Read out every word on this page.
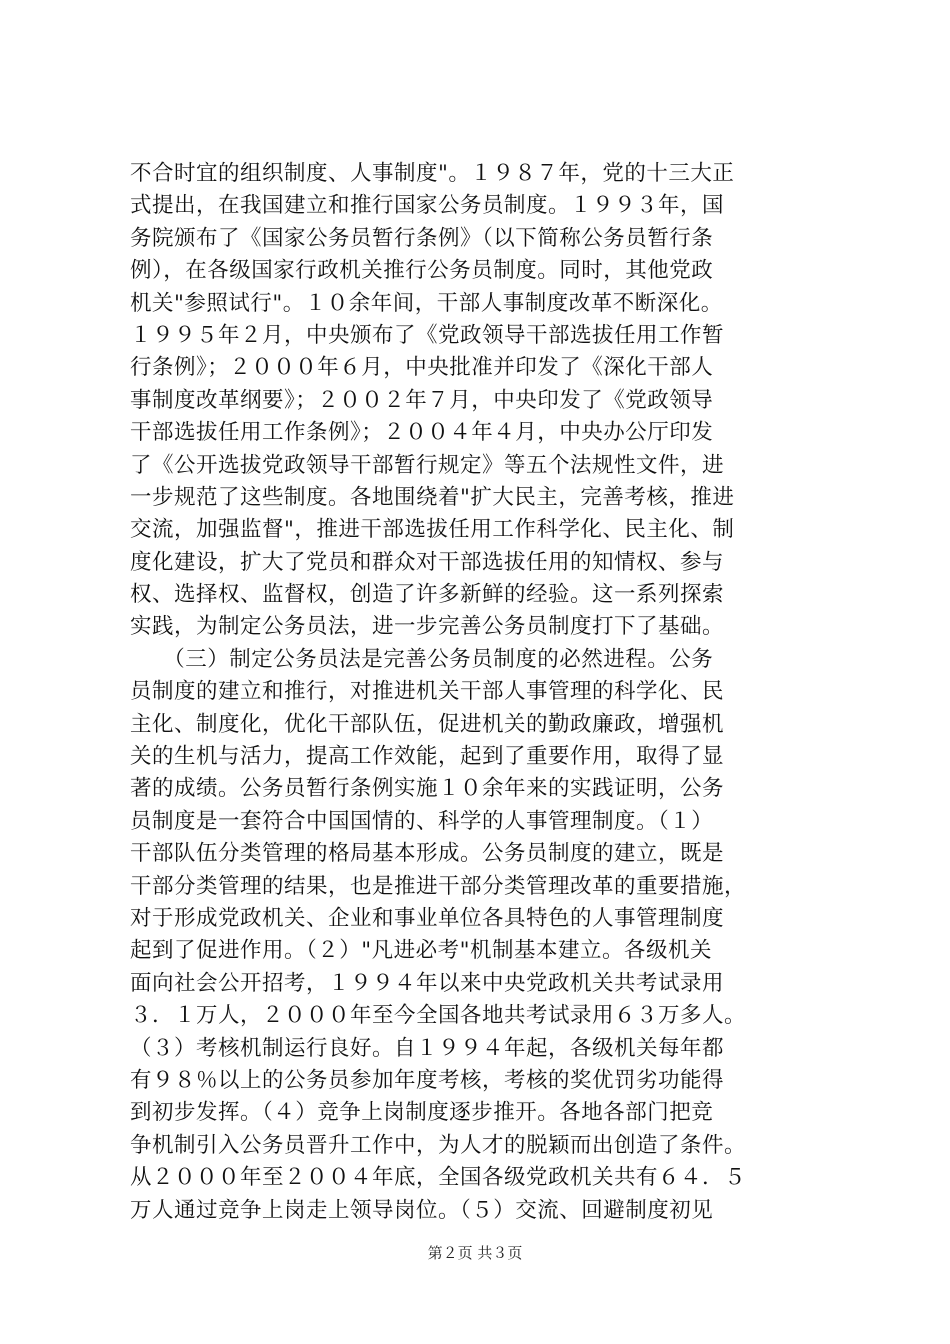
不合时宜的组织制度、人事制度"。１９８７年，党的十三大正
式提出，在我国建立和推行国家公务员制度。１９９３年，国
务院颁布了《国家公务员暂行条例》（以下简称公务员暂行条
例），在各级国家行政机关推行公务员制度。同时，其他党政
机关"参照试行"。１０余年间，干部人事制度改革不断深化。
１９９５年２月，中央颁布了《党政领导干部选拔任用工作暂
行条例》；２０００年６月，中央批准并印发了《深化干部人
事制度改革纲要》；２００２年７月，中央印发了《党政领导
干部选拔任用工作条例》；２００４年４月，中央办公厅印发
了《公开选拔党政领导干部暂行规定》等五个法规性文件，进
一步规范了这些制度。各地围绕着"扩大民主，完善考核，推进
交流，加强监督"，推进干部选拔任用工作科学化、民主化、制
度化建设，扩大了党员和群众对干部选拔任用的知情权、参与
权、选择权、监督权，创造了许多新鲜的经验。这一系列探索
实践，为制定公务员法，进一步完善公务员制度打下了基础。
　　（三）制定公务员法是完善公务员制度的必然进程。公务
员制度的建立和推行，对推进机关干部人事管理的科学化、民
主化、制度化，优化干部队伍，促进机关的勤政廉政，增强机
关的生机与活力，提高工作效能，起到了重要作用，取得了显
著的成绩。公务员暂行条例实施１０余年来的实践证明，公务
员制度是一套符合中国国情的、科学的人事管理制度。（１）
干部队伍分类管理的格局基本形成。公务员制度的建立，既是
干部分类管理的结果，也是推进干部分类管理改革的重要措施，
对于形成党政机关、企业和事业单位各具特色的人事管理制度
起到了促进作用。（２）"凡进必考"机制基本建立。各级机关
面向社会公开招考，１９９４年以来中央党政机关共考试录用
３．１万人，２０００年至今全国各地共考试录用６３万多人。
（３）考核机制运行良好。自１９９４年起，各级机关每年都
有９８％以上的公务员参加年度考核，考核的奖优罚劣功能得
到初步发挥。（４）竞争上岗制度逐步推开。各地各部门把竞
争机制引入公务员晋升工作中，为人才的脱颖而出创造了条件。
从２０００年至２００４年底，全国各级党政机关共有６４．５
万人通过竞争上岗走上领导岗位。（５）交流、回避制度初见
第２页 共３页
